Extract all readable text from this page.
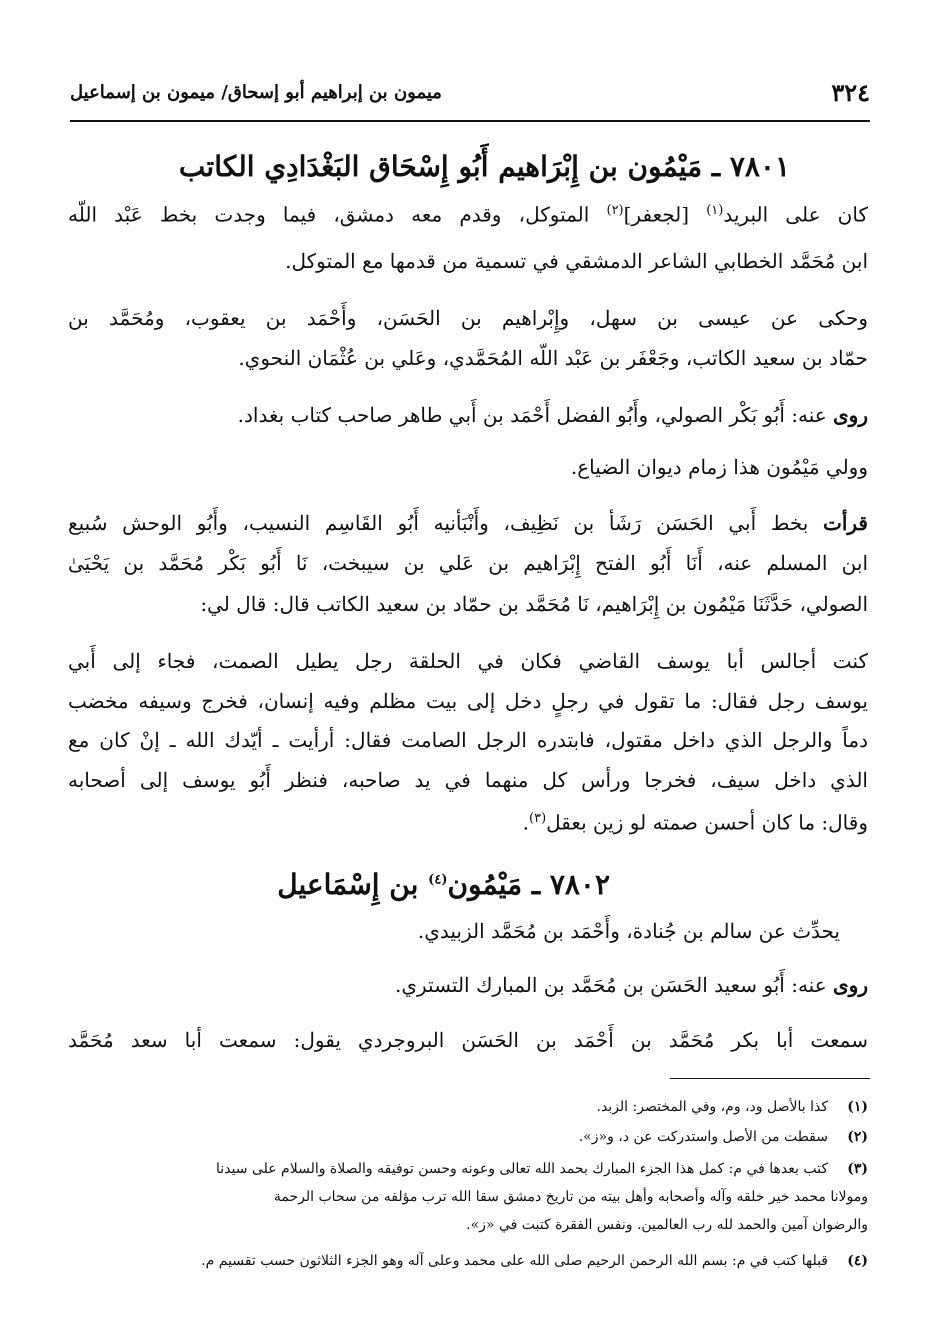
٣٢٤
ميمون بن إبراهيم أبو إسحاق/ ميمون بن إسماعيل
٧٨٠١ ـ مَيْمُون بن إِبْرَاهيم أَبُو إِسْحَاق البَغْدَادِي الكاتب
كان على البريد$^{(١)}$ [لجعفر]$^{(٢)}$ المتوكل، وقدم معه دمشق، فيما وجدت بخط عَبْد اللّه
ابن مُحَمَّد الخطابي الشاعر الدمشقي في تسمية من قدمها مع المتوكل.
وحكى عن عيسى بن سهل، وإِبْراهيم بن الحَسَن، وأَحْمَد بن يعقوب، ومُحَمَّد بن
حمّاد بن سعيد الكاتب، وجَعْفَر بن عَبْد اللّه المُحَمَّدي، وعَلي بن عُثْمَان النحوي.
روى عنه: أَبُو بَكْر الصولي، وأَبُو الفضل أَحْمَد بن أَبي طاهر صاحب كتاب بغداد.
وولي مَيْمُون هذا زمام ديوان الضياع.
قرأت بخط أَبي الحَسَن رَشَأ بن نَظِيف، وأَنْبَأنيه أَبُو القَاسِم النسيب، وأَبُو الوحش سُبيع
ابن المسلم عنه، أَنَا أَبُو الفتح إِبْرَاهيم بن عَلي بن سيبخت، نَا أَبُو بَكْر مُحَمَّد بن يَحْيَىٰ
الصولي، حَدَّثَنَا مَيْمُون بن إِبْرَاهيم، نَا مُحَمَّد بن حمّاد بن سعيد الكاتب قال: قال لي:
كنت أجالس أبا يوسف القاضي فكان في الحلقة رجل يطيل الصمت، فجاء إلى أَبي
يوسف رجل فقال: ما تقول في رجلٍ دخل إلى بيت مظلم وفيه إنسان، فخرج وسيفه مخضب
دماً والرجل الذي داخل مقتول، فابتدره الرجل الصامت فقال: أرأيت ـ أيّدك الله ـ إنْ كان مع
الذي داخل سيف، فخرجا ورأس كل منهما في يد صاحبه، فنظر أَبُو يوسف إلى أصحابه
وقال: ما كان أحسن صمته لو زين بعقل$^{(٣)}$.
٧٨٠٢ ـ مَيْمُون$^{(٤)}$ بن إِسْمَاعيل
يحدِّث عن سالم بن جُنادة، وأَحْمَد بن مُحَمَّد الزبيدي.
روى عنه: أَبُو سعيد الحَسَن بن مُحَمَّد بن المبارك التستري.
سمعت أبا بكر مُحَمَّد بن أَحْمَد بن الحَسَن البروجردي يقول: سمعت أبا سعد مُحَمَّد
(١)كذا بالأصل ود، وم، وفي المختصر: الزبد.
(٢)سقطت من الأصل واستدركت عن د، و«ز».
(٣)كتب بعدها في م: كمل هذا الجزء المبارك بحمد الله تعالى وعونه وحسن توفيقه والصلاة والسلام على سيدنا
ومولانا محمد خير خلقه وآله وأصحابه وأهل بيته من تاريخ دمشق سقا الله ترب مؤلفه من سحاب الرحمة
والرضوان آمين والحمد لله رب العالمين. ونفس الفقرة كتبت في «ز».
(٤)قبلها كتب في م: بسم الله الرحمن الرحيم صلى الله على محمد وعلى آله وهو الجزء الثلاثون حسب تقسيم م.
